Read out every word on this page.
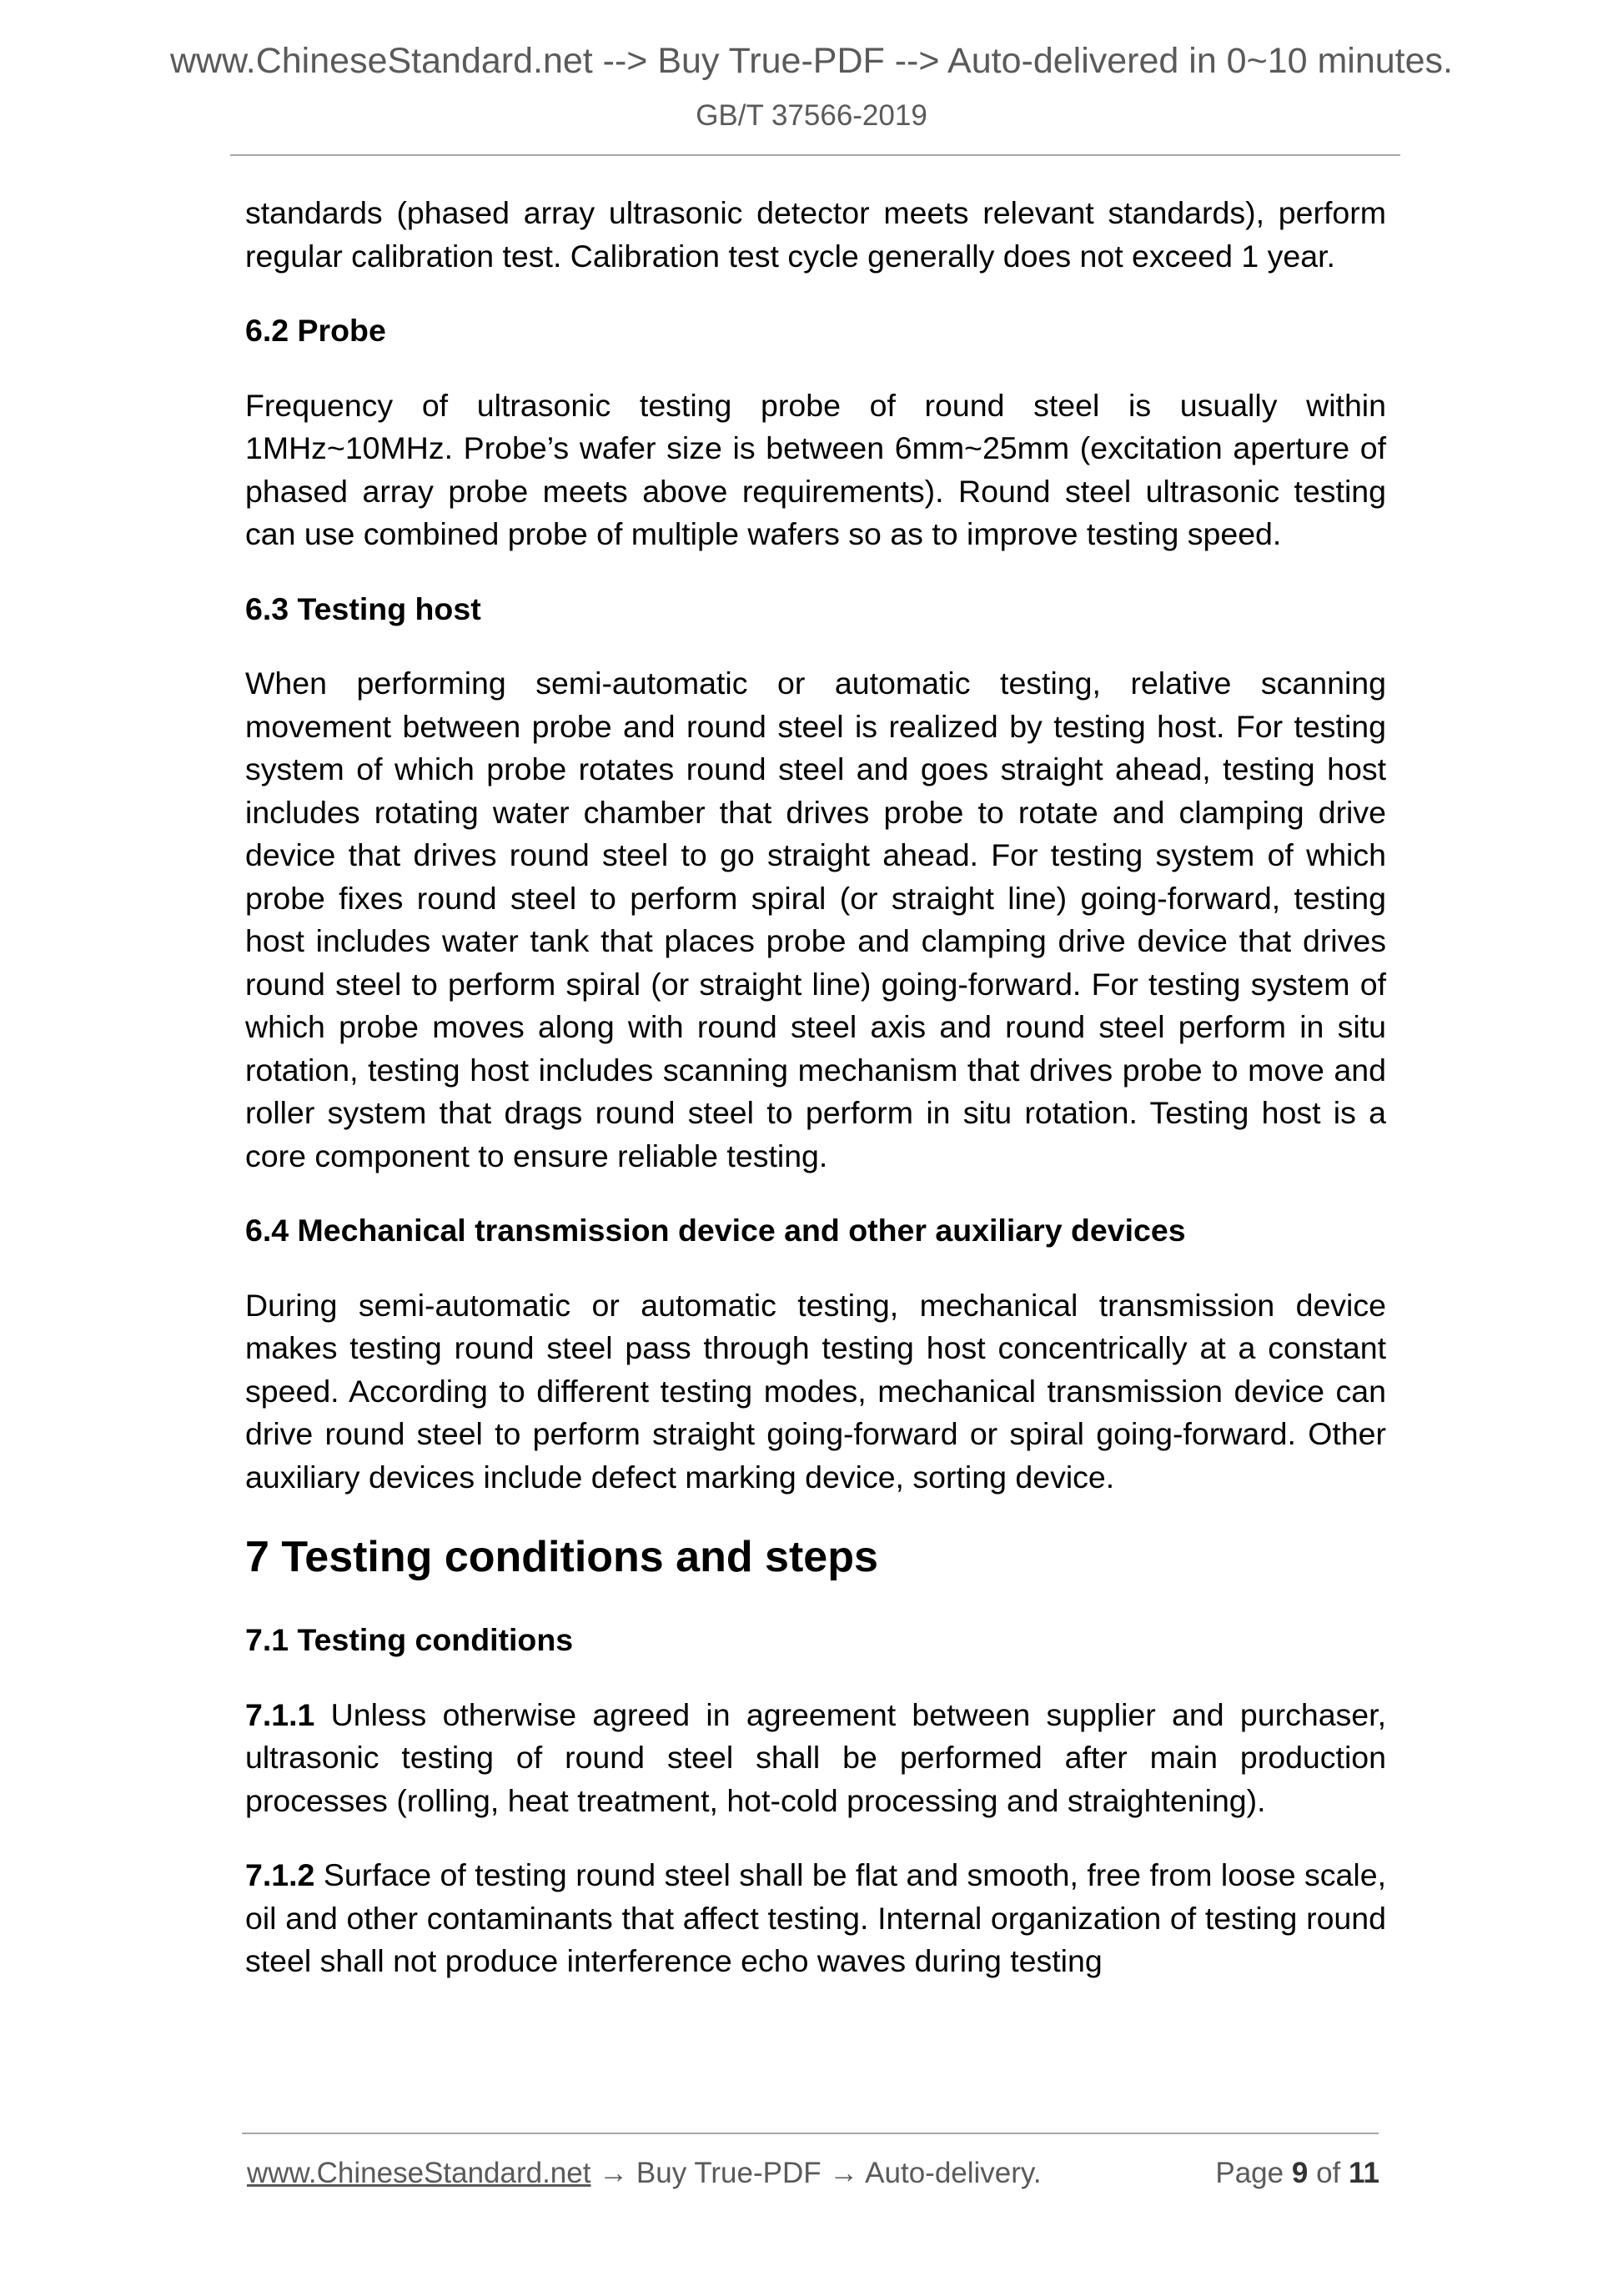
www.ChineseStandard.net --> Buy True-PDF --> Auto-delivered in 0~10 minutes.
GB/T 37566-2019

standards (phased array ultrasonic detector meets relevant standards), perform regular calibration test. Calibration test cycle generally does not exceed 1 year.

6.2 Probe

Frequency of ultrasonic testing probe of round steel is usually within 1MHz~10MHz. Probe’s wafer size is between 6mm~25mm (excitation aperture of phased array probe meets above requirements). Round steel ultrasonic testing can use combined probe of multiple wafers so as to improve testing speed.

6.3 Testing host

When performing semi-automatic or automatic testing, relative scanning movement between probe and round steel is realized by testing host. For testing system of which probe rotates round steel and goes straight ahead, testing host includes rotating water chamber that drives probe to rotate and clamping drive device that drives round steel to go straight ahead. For testing system of which probe fixes round steel to perform spiral (or straight line) going-forward, testing host includes water tank that places probe and clamping drive device that drives round steel to perform spiral (or straight line) going-forward. For testing system of which probe moves along with round steel axis and round steel perform in situ rotation, testing host includes scanning mechanism that drives probe to move and roller system that drags round steel to perform in situ rotation. Testing host is a core component to ensure reliable testing.

6.4 Mechanical transmission device and other auxiliary devices

During semi-automatic or automatic testing, mechanical transmission device makes testing round steel pass through testing host concentrically at a constant speed. According to different testing modes, mechanical transmission device can drive round steel to perform straight going-forward or spiral going-forward. Other auxiliary devices include defect marking device, sorting device.

7 Testing conditions and steps
7.1 Testing conditions

7.1.1 Unless otherwise agreed in agreement between supplier and purchaser, ultrasonic testing of round steel shall be performed after main production processes (rolling, heat treatment, hot-cold processing and straightening).

7.1.2 Surface of testing round steel shall be flat and smooth, free from loose scale, oil and other contaminants that affect testing. Internal organization of testing round steel shall not produce interference echo waves during testing

www.ChineseStandard.net → Buy True-PDF → Auto-delivery.	Page 9 of 11
